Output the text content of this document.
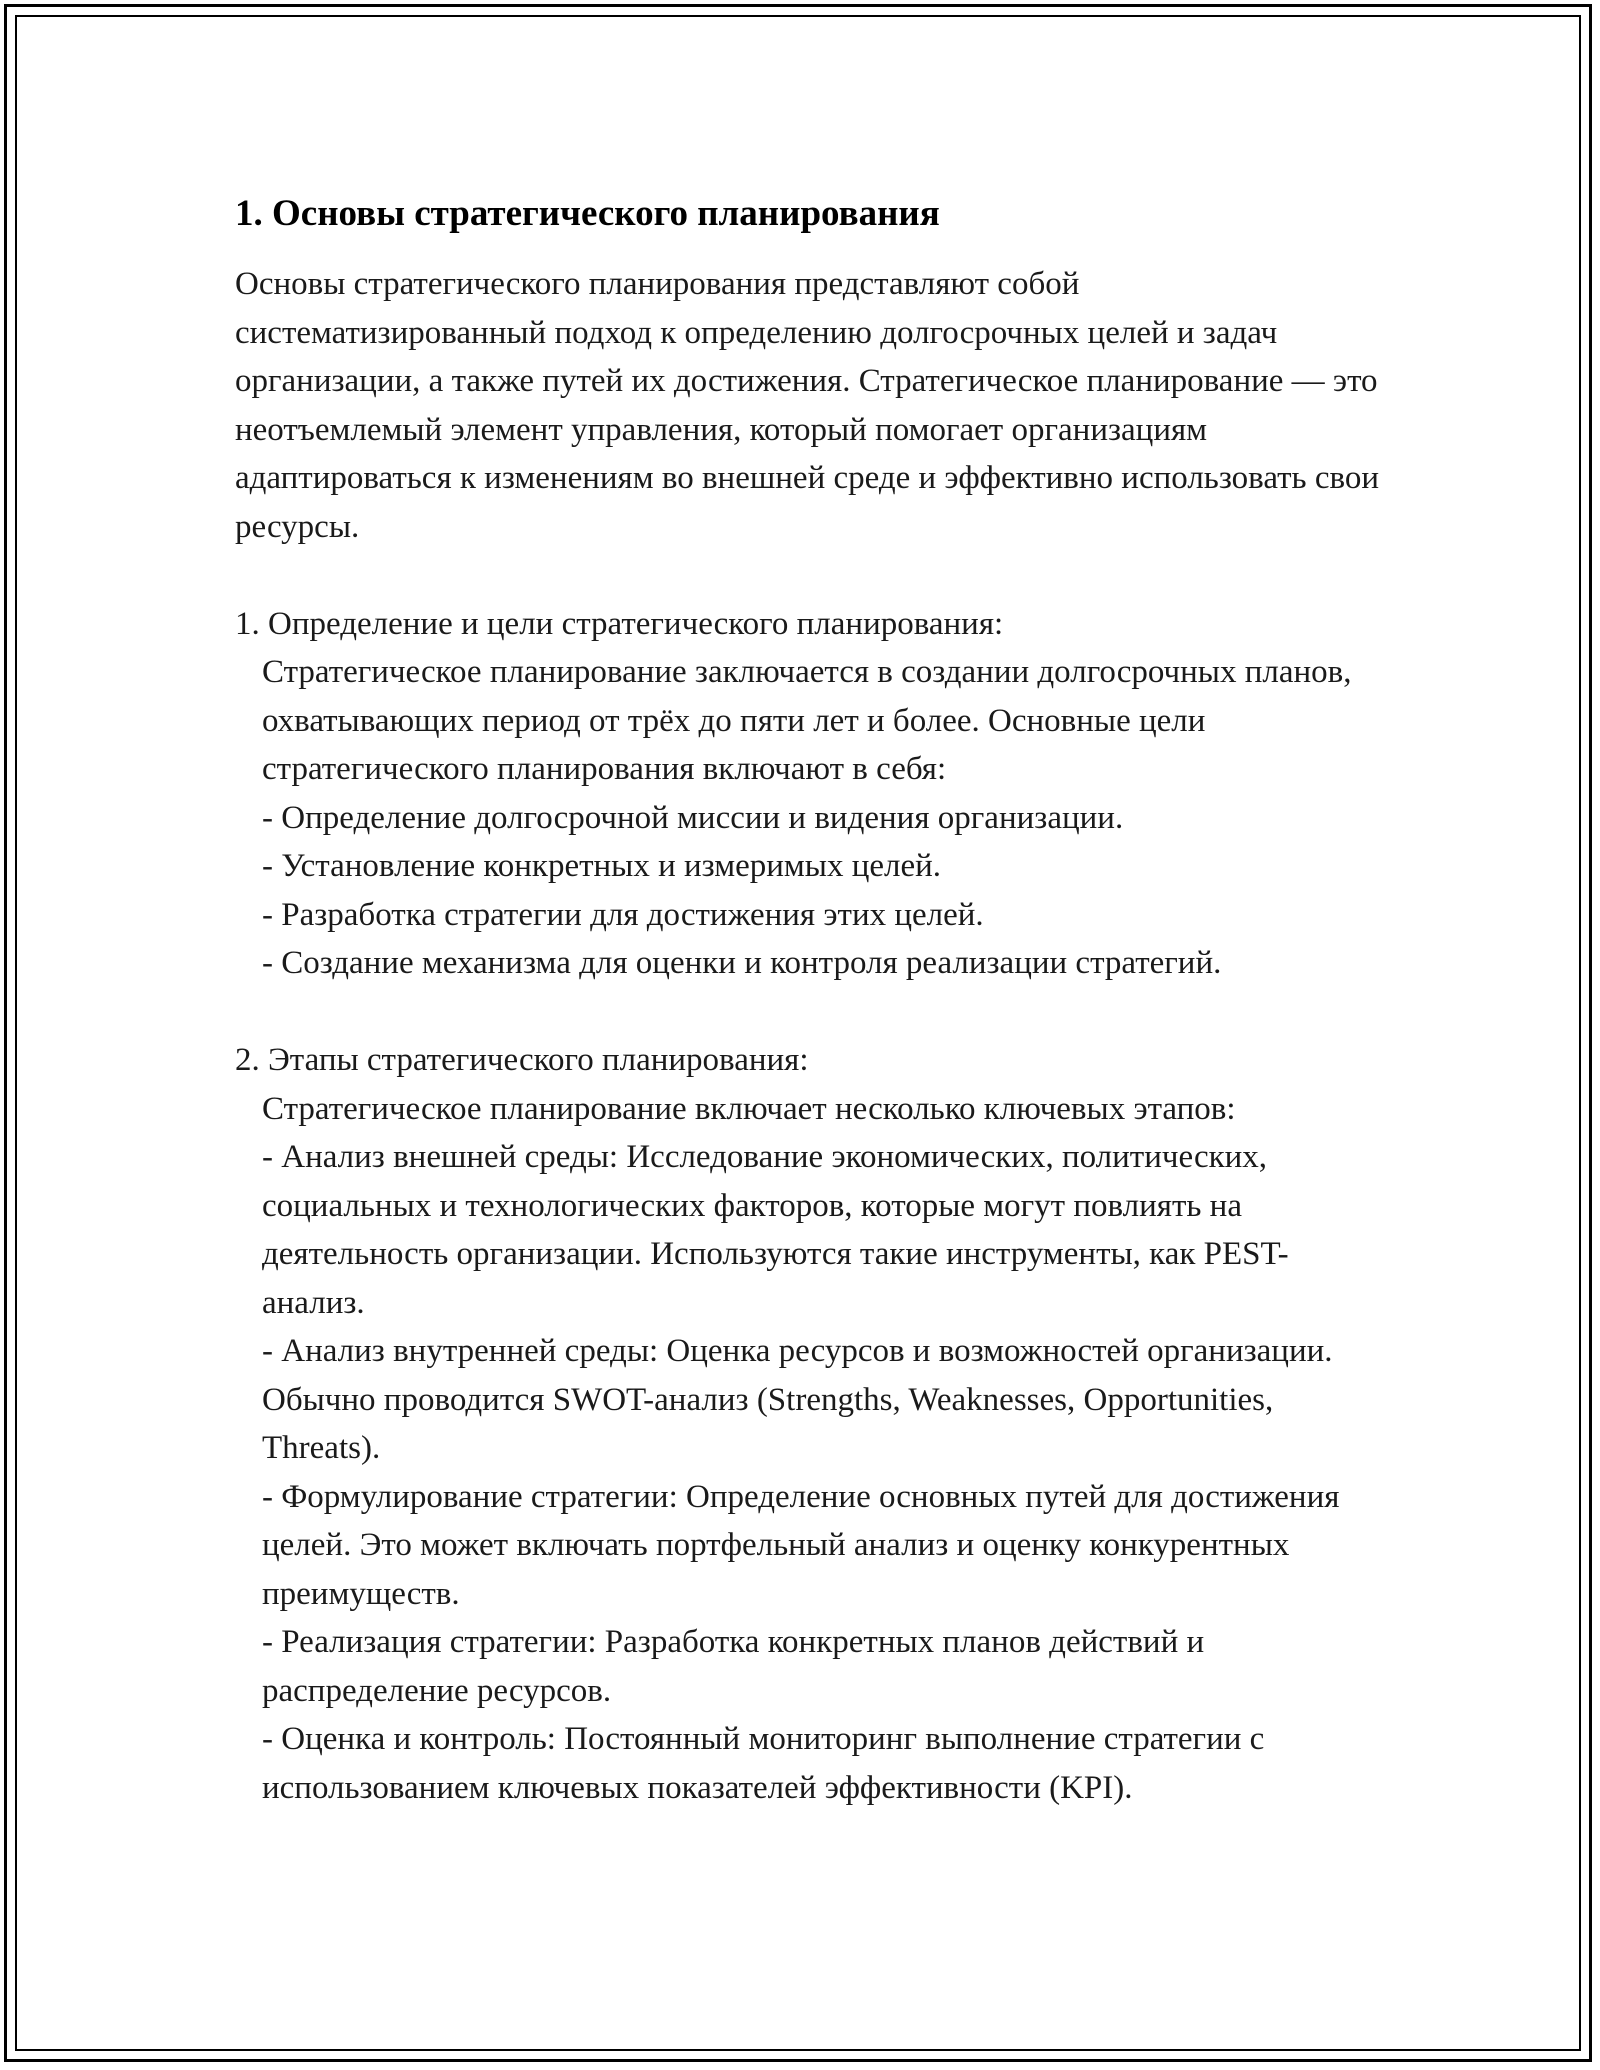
1. Основы стратегического планирования

Основы стратегического планирования представляют собой систематизированный подход к определению долгосрочных целей и задач организации, а также путей их достижения. Стратегическое планирование — это неотъемлемый элемент управления, который помогает организациям адаптироваться к изменениям во внешней среде и эффективно использовать свои ресурсы.

1. Определение и цели стратегического планирования:

Стратегическое планирование заключается в создании долгосрочных планов, охватывающих период от трёх до пяти лет и более. Основные цели стратегического планирования включают в себя:

- Определение долгосрочной миссии и видения организации.

- Установление конкретных и измеримых целей.

- Разработка стратегии для достижения этих целей.

- Создание механизма для оценки и контроля реализации стратегий.

2. Этапы стратегического планирования:

Стратегическое планирование включает несколько ключевых этапов:

- Анализ внешней среды: Исследование экономических, политических, социальных и технологических факторов, которые могут повлиять на деятельность организации. Используются такие инструменты, как PEST-анализ.

- Анализ внутренней среды: Оценка ресурсов и возможностей организации. Обычно проводится SWOT-анализ (Strengths, Weaknesses, Opportunities, Threats).

- Формулирование стратегии: Определение основных путей для достижения целей. Это может включать портфельный анализ и оценку конкурентных преимуществ.

- Реализация стратегии: Разработка конкретных планов действий и распределение ресурсов.

- Оценка и контроль: Постоянный мониторинг выполнение стратегии с использованием ключевых показателей эффективности (KPI).
